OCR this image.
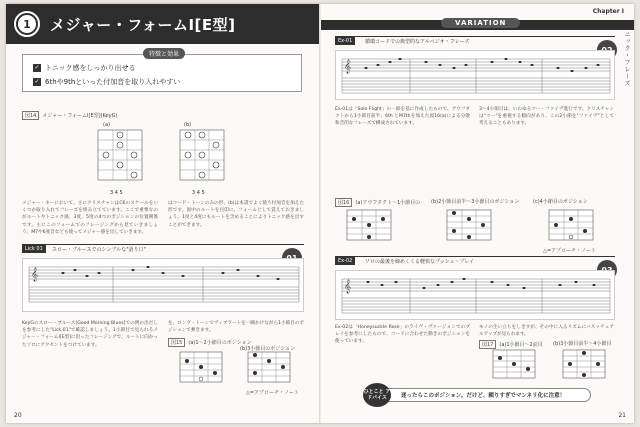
1	メジャー・フォームⅠ[E型]
特徴と効果
✓ トニック感をしっかり出せる
✓ 6thや9thといった付加音を取り入れやすい
図14 メジャー・フォームⅠ[E型](KeyG)
(a)
3 4 5
(b)
3 4 5
メジャー・キーにおいて、主にクリスチャンはC6のスケールをいくつか取り入れてフレーズを組み立てています。ここで重要なのがルートやトニック感、3度、5度の4つのポジションの位置関係です。主にこのフォームでのフレージングから見ていきましょう。M7や6度音なども使ってメジャー感を出していきます。
はコード・トーンのみの形、(b)は本書でよく使う付加音を加えた形です。図中のルートを目印に、フォームとして覚えておきましょう。1度と4度にもルートを含めることによりトニック感を出すことができます。
Lick 01	スロー・ブルースでのシンプルな"語り口"
01
𝄞
KeyGのスロー・ブルース[Good Morning Blues]での例の出だしを参考にした"Lick 01"で確認しましょう。1小節目で見られるメジャー・フォームⅠ[E型]に沿ったフレージングで、ルートに向かったソロにアクセントをつけています。
を、ロング・トーンでヴィブラートを一瞬かけながら1小節目のポジションで弾きます。
図15 (a)1〜2小節目のポジション
(b)3小節目のポジション
△=アプローチ・ノート
20
Chapter I
VARIATION
トニック・フレーズ
Ex-01	循環コードでの典型的なアルペジオ・フレーズ
02
𝄞
Ex-01は「Solo Flight」の一節を基に作成したもので、アウフタクトから1小節目前半、6th とM7thを加えた図16(a)による分散和音的なフレーズで構成されています。
3〜4小節目は、いわゆるツー・ファイヴ進行です。クリスチャンは"ツー"を重視する傾向があり、この2小節を"ファイヴ"として考えることもあります。
図16 (a)アウフタクト〜1小節目の (b)2小節目前半〜3小節目のポジション	(c)4小節目のポジション
△=アプローチ・ノート
Ex-02	ソロの最後を締めくくる軽快なプッシュ・プレイ
03
𝄞
Ex-02は「Honeysuckle Rose」のライヴ・ヴァージョンでのプレイを参考にしたもので、コードに合わせた動きのポジションを使っています。
モノの生い立ちをしきすが、その中に入るリズムにバスッチュアルアップが見られます。
図17 (a)1小節目〜2前目 (b)3小節目前半〜4小節目
ひとこと アドバイス	迷ったらこのポジション。だけど、頼りすぎでマンネリ化に注意！
21
